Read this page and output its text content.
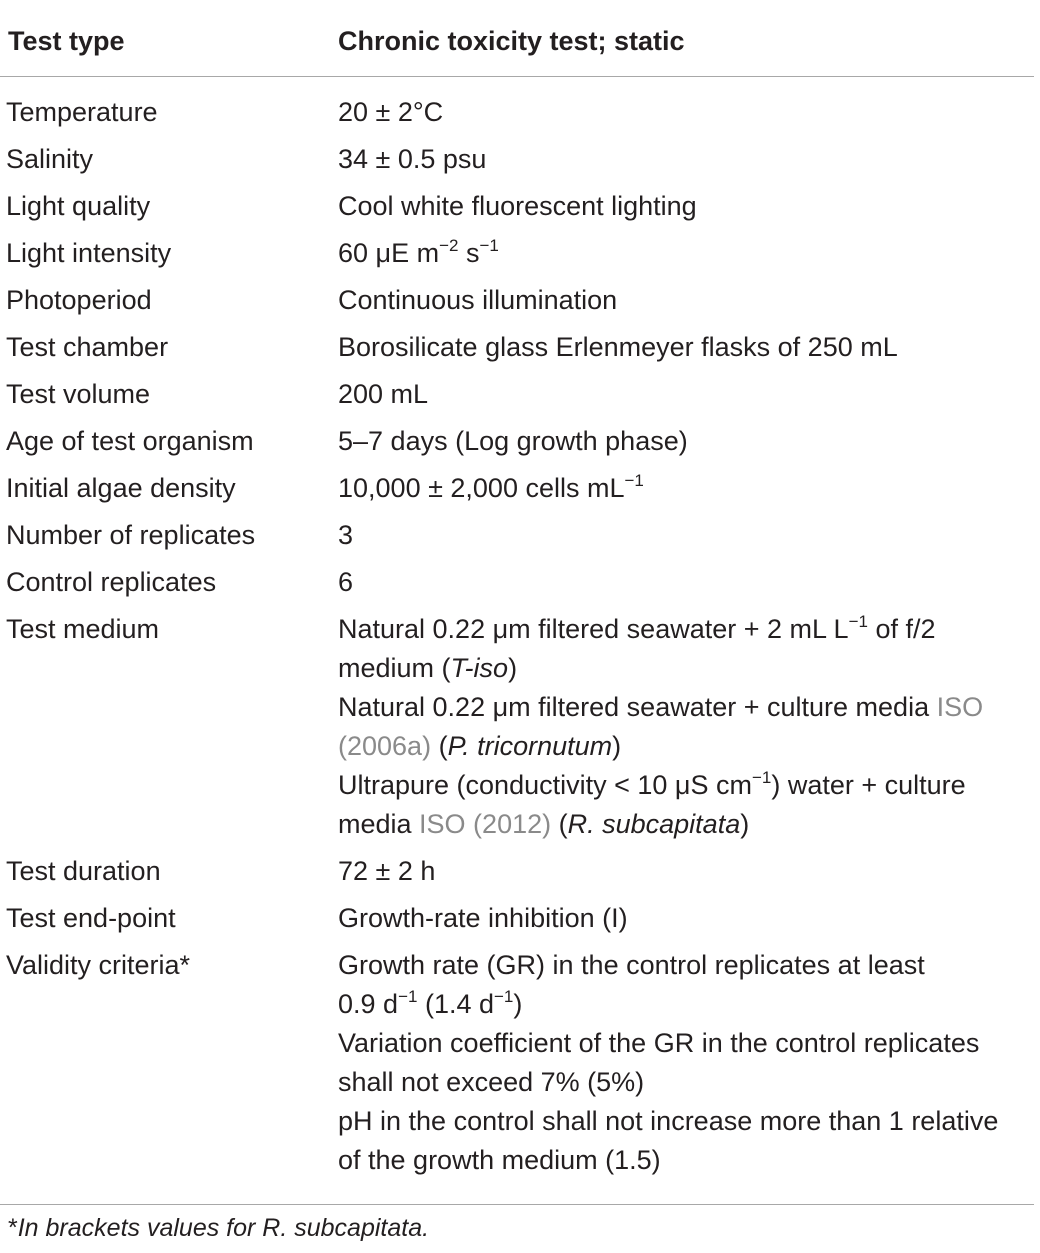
Test type	Chronic toxicity test; static
Temperature	20 ± 2°C
Salinity	34 ± 0.5 psu
Light quality	Cool white fluorescent lighting
Light intensity	60 μE $m^{-2}$ $s^{-1}$
Photoperiod	Continuous illumination
Test chamber	Borosilicate glass Erlenmeyer flasks of 250 mL
Test volume	200 mL
Age of test organism	5–7 days (Log growth phase)
Initial algae density	10,000 ± 2,000 cells $mL^{-1}$
Number of replicates	3
Control replicates	6
Test medium	Natural 0.22 μm filtered seawater + 2 mL $L^{-1}$ of f/2
medium (T-iso)
Natural 0.22 μm filtered seawater + culture media ISO
(2006a) (P. tricornutum)
Ultrapure (conductivity < 10 μS $cm^{-1}$) water + culture
media ISO (2012) (R. subcapitata)
Test duration	72 ± 2 h
Test end-point	Growth-rate inhibition (I)
Validity criteria*	Growth rate (GR) in the control replicates at least
0.9 $d^{-1}$ (1.4 $d^{-1}$)
Variation coefficient of the GR in the control replicates
shall not exceed 7% (5%)
pH in the control shall not increase more than 1 relative
of the growth medium (1.5)
*In brackets values for R. subcapitata.
